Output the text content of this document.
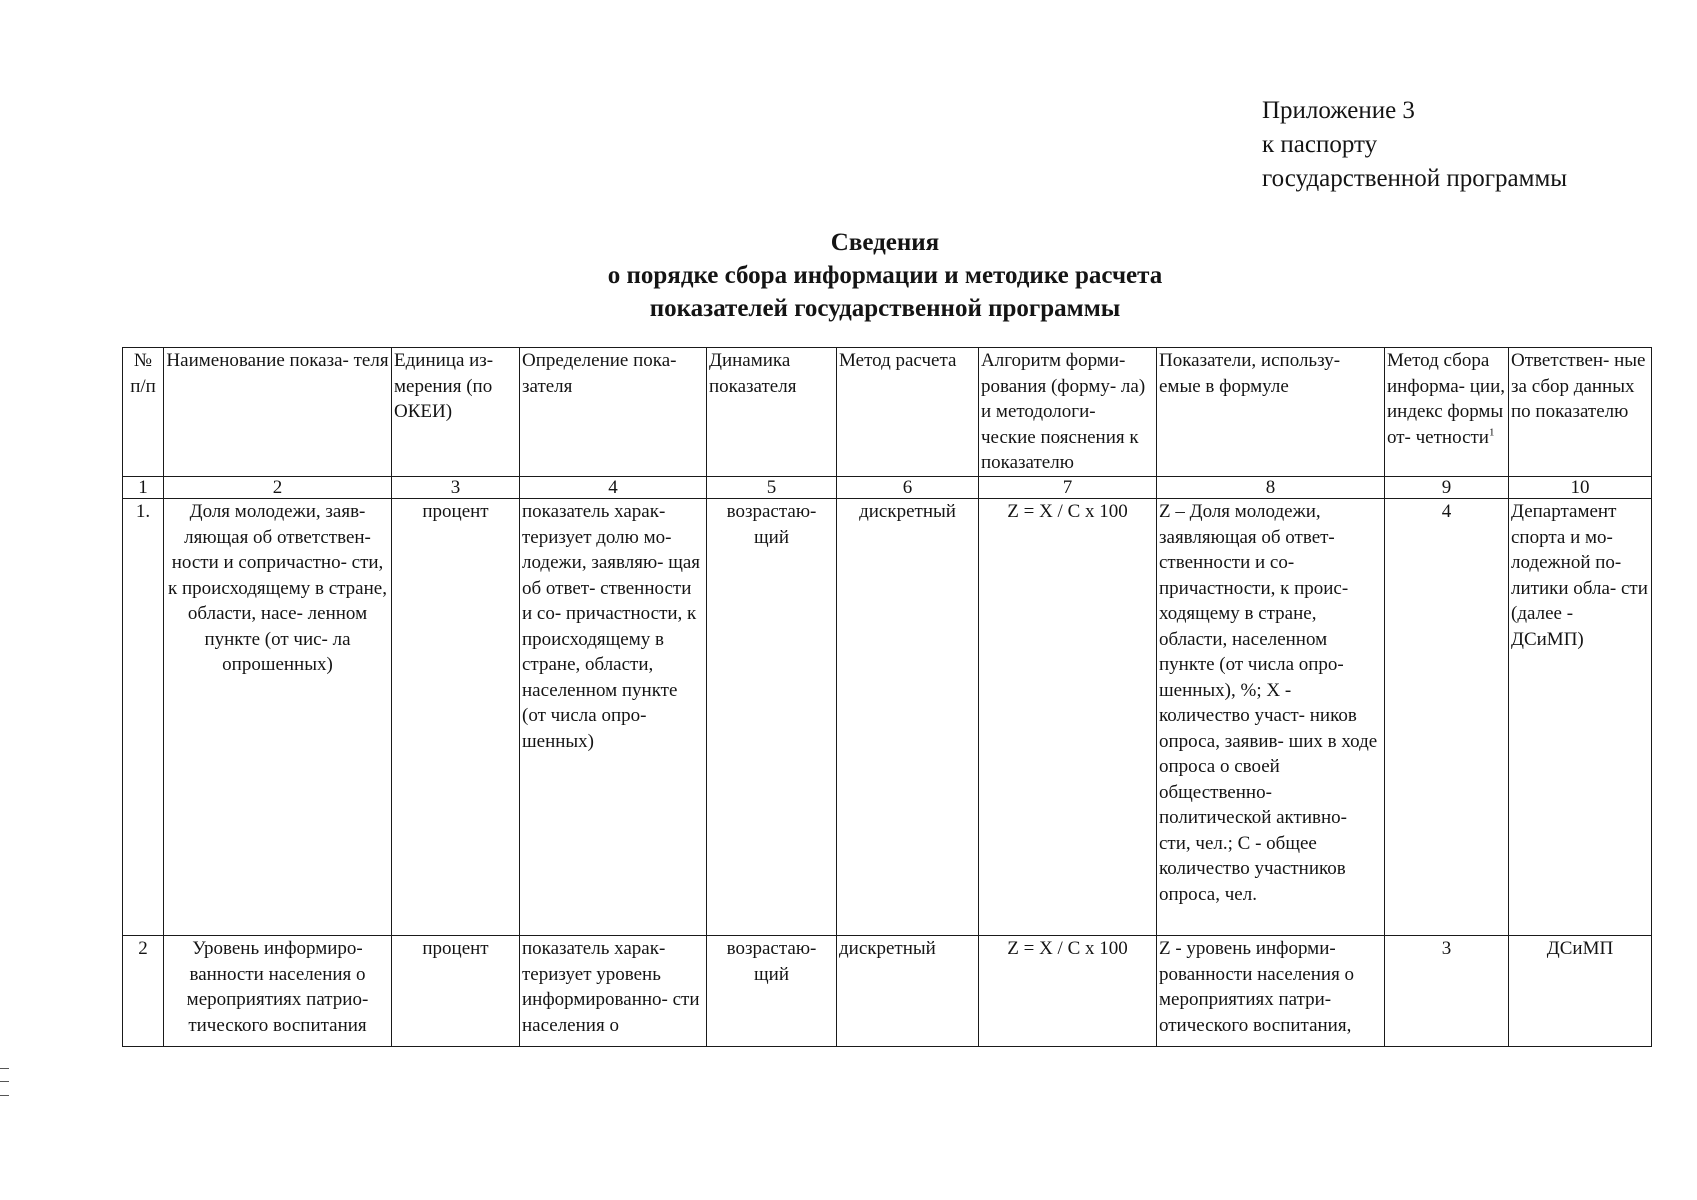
Приложение 3
к паспорту
государственной программы
Сведения
о порядке сбора информации и методике расчета
показателей государственной программы
№ п/п	Наименование показа- теля	Единица из- мерения (по ОКЕИ)	Определение пока- зателя	Динамика показателя	Метод расчета	Алгоритм форми- рования (форму- ла) и методологи- ческие пояснения к показателю	Показатели, использу- емые в формуле	Метод сбора информа- ции, индекс формы от- четности$^1$	Ответствен- ные за сбор данных по показателю
1	2	3	4	5	6	7	8	9	10
1.	Доля молодежи, заяв- ляющая об ответствен- ности и сопричастно- сти, к происходящему в стране, области, насе- ленном пункте (от чис- ла опрошенных)	процент	показатель харак- теризует долю мо- лодежи, заявляю- щая об ответ- ственности и со- причастности, к происходящему в стране, области, населенном пункте (от числа опро- шенных)	возрастаю- щий	дискретный	Z = X / C x 100	Z – Доля молодежи, заявляющая об ответ- ственности и со- причастности, к проис- ходящему в стране, области, населенном пункте (от числа опро- шенных), %; X - количество участ- ников опроса, заявив- ших в ходе опроса о своей общественно- политической активно- сти, чел.; C - общее количество участников опроса, чел.	4	Департамент спорта и мо- лодежной по- литики обла- сти (далее - ДСиМП)
2	Уровень информиро- ванности населения о мероприятиях патрио- тического воспитания	процент	показатель харак- теризует уровень информированно- сти населения о	возрастаю- щий	дискретный	Z = X / C x 100	Z - уровень информи- рованности населения о мероприятиях патри- отического воспитания,	3	ДСиМП
